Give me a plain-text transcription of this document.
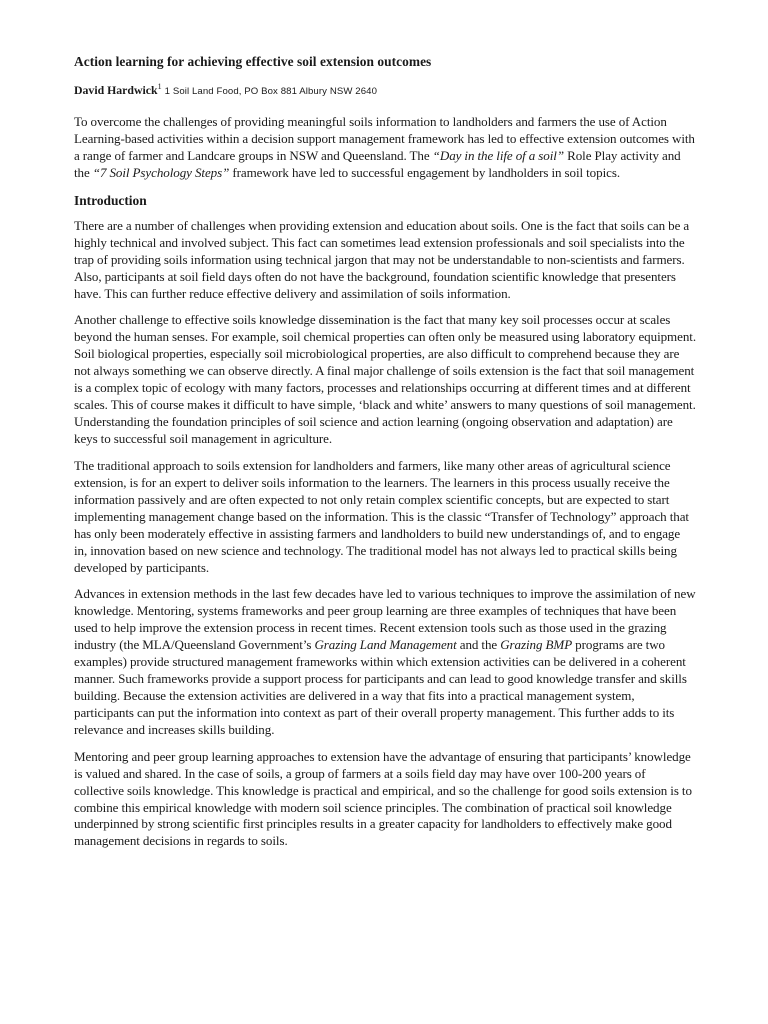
Action learning for achieving effective soil extension outcomes
David Hardwick$^1$ 1 Soil Land Food, PO Box 881 Albury NSW 2640

To overcome the challenges of providing meaningful soils information to landholders and farmers the use of Action Learning-based activities within a decision support management framework has led to effective extension outcomes with a range of farmer and Landcare groups in NSW and Queensland. The “Day in the life of a soil” Role Play activity and the “7 Soil Psychology Steps” framework have led to successful engagement by landholders in soil topics.

Introduction

There are a number of challenges when providing extension and education about soils. One is the fact that soils can be a highly technical and involved subject. This fact can sometimes lead extension professionals and soil specialists into the trap of providing soils information using technical jargon that may not be understandable to non-scientists and farmers. Also, participants at soil field days often do not have the background, foundation scientific knowledge that presenters have. This can further reduce effective delivery and assimilation of soils information.

Another challenge to effective soils knowledge dissemination is the fact that many key soil processes occur at scales beyond the human senses. For example, soil chemical properties can often only be measured using laboratory equipment. Soil biological properties, especially soil microbiological properties, are also difficult to comprehend because they are not always something we can observe directly. A final major challenge of soils extension is the fact that soil management is a complex topic of ecology with many factors, processes and relationships occurring at different times and at different scales. This of course makes it difficult to have simple, ‘black and white’ answers to many questions of soil management. Understanding the foundation principles of soil science and action learning (ongoing observation and adaptation) are keys to successful soil management in agriculture.

The traditional approach to soils extension for landholders and farmers, like many other areas of agricultural science extension, is for an expert to deliver soils information to the learners. The learners in this process usually receive the information passively and are often expected to not only retain complex scientific concepts, but are expected to start implementing management change based on the information. This is the classic “Transfer of Technology” approach that has only been moderately effective in assisting farmers and landholders to build new understandings of, and to engage in, innovation based on new science and technology. The traditional model has not always led to practical skills being developed by participants.

Advances in extension methods in the last few decades have led to various techniques to improve the assimilation of new knowledge. Mentoring, systems frameworks and peer group learning are three examples of techniques that have been used to help improve the extension process in recent times. Recent extension tools such as those used in the grazing industry (the MLA/Queensland Government’s Grazing Land Management and the Grazing BMP programs are two examples) provide structured management frameworks within which extension activities can be delivered in a coherent manner. Such frameworks provide a support process for participants and can lead to good knowledge transfer and skills building. Because the extension activities are delivered in a way that fits into a practical management system, participants can put the information into context as part of their overall property management. This further adds to its relevance and increases skills building.

Mentoring and peer group learning approaches to extension have the advantage of ensuring that participants’ knowledge is valued and shared. In the case of soils, a group of farmers at a soils field day may have over 100-200 years of collective soils knowledge. This knowledge is practical and empirical, and so the challenge for good soils extension is to combine this empirical knowledge with modern soil science principles. The combination of practical soil knowledge underpinned by strong scientific first principles results in a greater capacity for landholders to effectively make good management decisions in regards to soils.
